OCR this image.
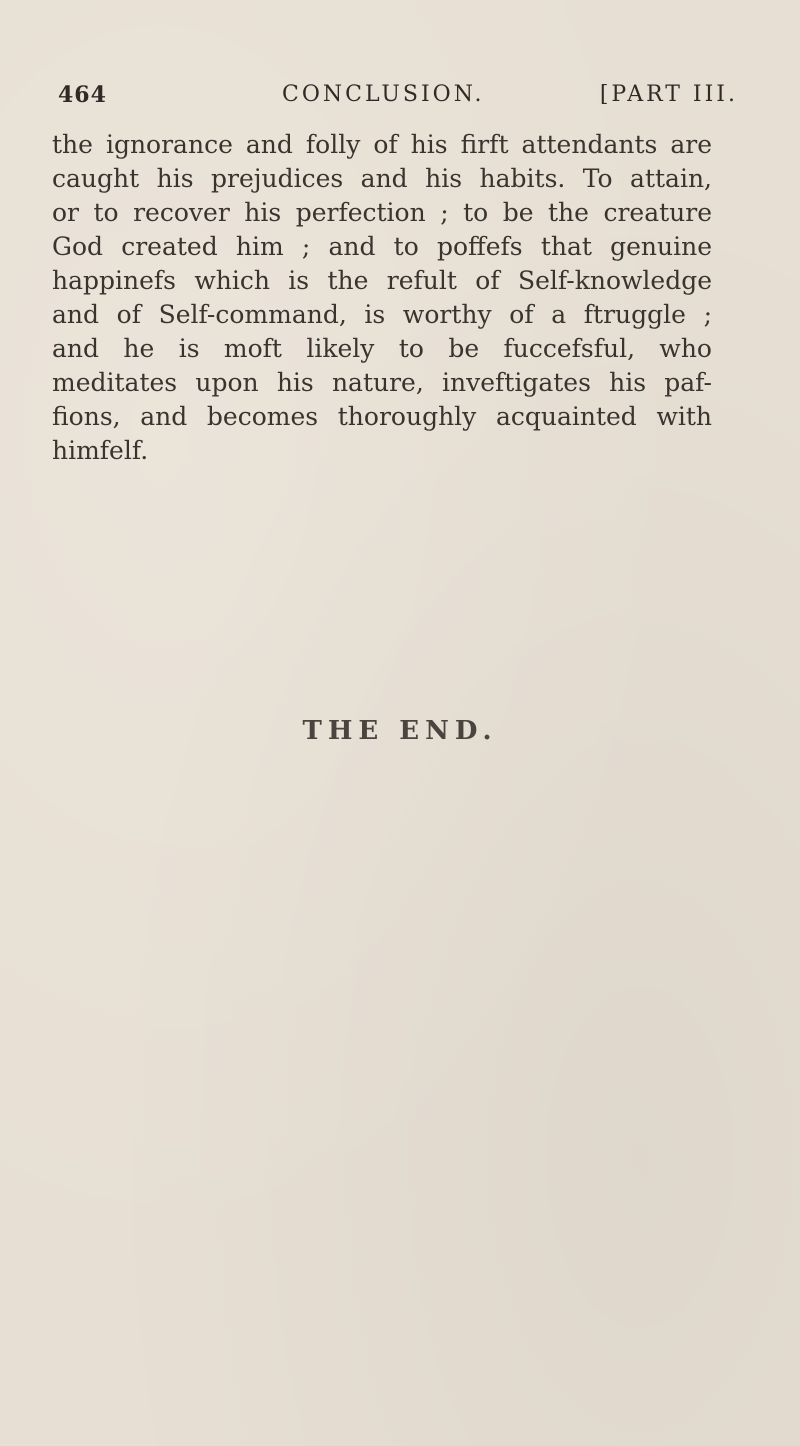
464	CONCLUSION.	[PART III.
the ignorance and folly of his firft attendants are
caught his prejudices and his habits. To attain,
or to recover his perfection ; to be the creature
God created him ; and to poffefs that genuine
happinefs which is the refult of Self-knowledge
and of Self-command, is worthy of a ftruggle ;
and he is moft likely to be fuccefsful, who
meditates upon his nature, inveftigates his paf-
fions, and becomes thoroughly acquainted with
himfelf.
THE END.
